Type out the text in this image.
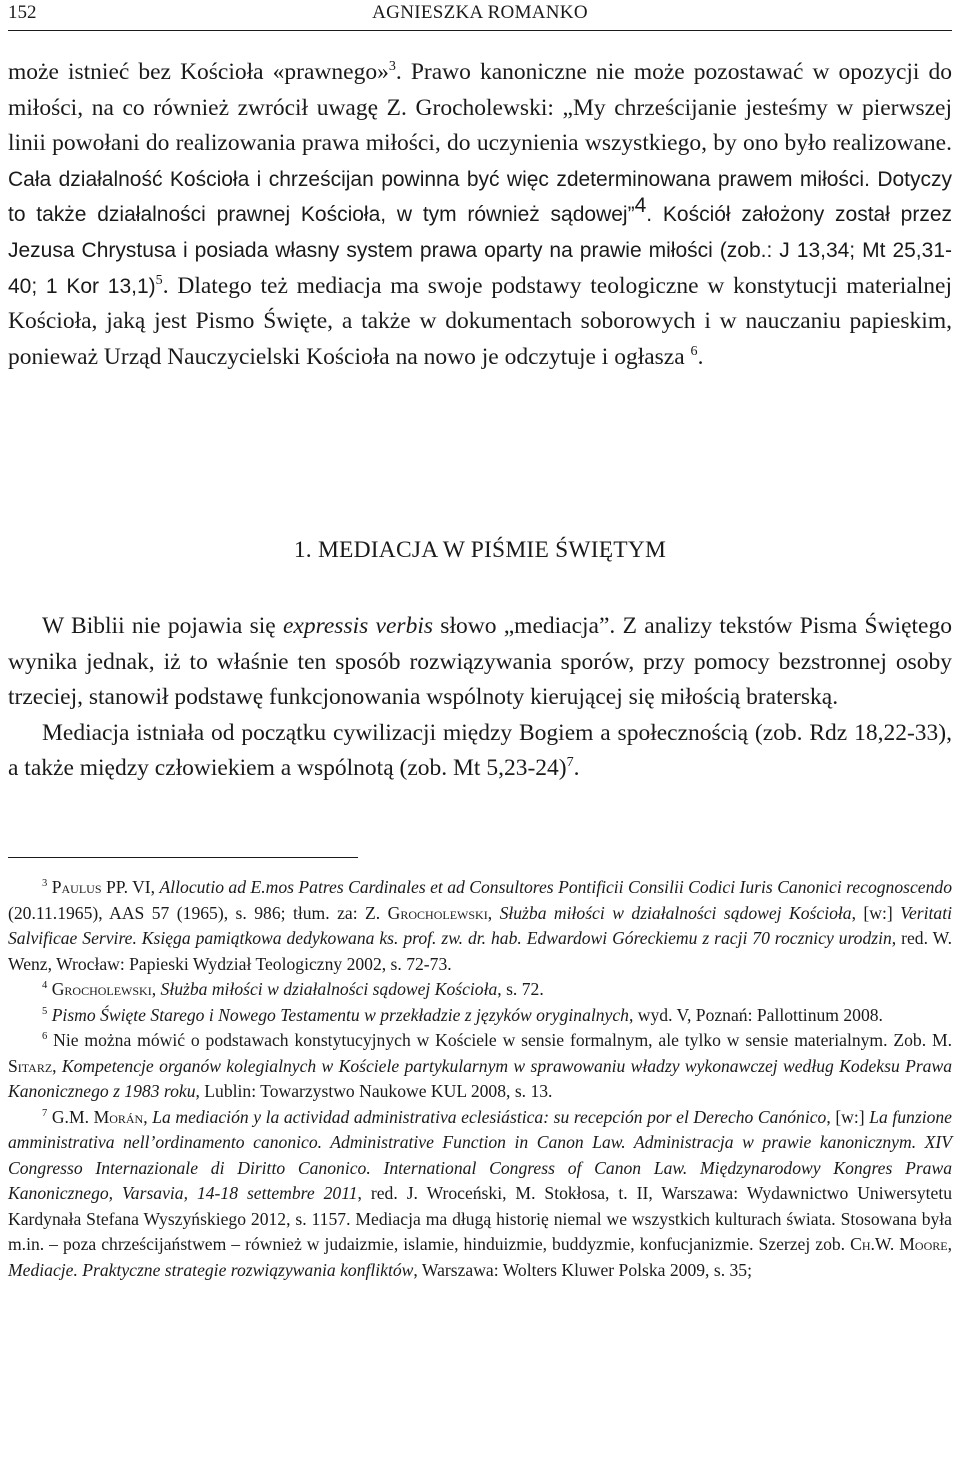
152	AGNIESZKA ROMANKO

może istnieć bez Kościoła «prawnego»$^3$. Prawo kanoniczne nie może pozostawać w opozycji do miłości, na co również zwrócił uwagę Z. Grocholewski: „My chrześcijanie jesteśmy w pierwszej linii powołani do realizowania prawa miłości, do uczynienia wszystkiego, by ono było realizowane. Cała działalność Kościoła i chrześcijan powinna być więc zdeterminowana prawem miłości. Dotyczy to także działalności prawnej Kościoła, w tym również sądowej”$^4$. Kościół założony został przez Jezusa Chrystusa i posiada własny system prawa oparty na prawie miłości (zob.: J 13,34; Mt 25,31-40; 1 Kor 13,1)$^5$. Dlatego też mediacja ma swoje podstawy teologiczne w konstytucji materialnej Kościoła, jaką jest Pismo Święte, a także w dokumentach soborowych i w nauczaniu papieskim, ponieważ Urząd Nauczycielski Kościoła na nowo je odczytuje i ogłasza $^6$.

1. MEDIACJA W PIŚMIE ŚWIĘTYM

W Biblii nie pojawia się expressis verbis słowo „mediacja”. Z analizy tekstów Pisma Świętego wynika jednak, iż to właśnie ten sposób rozwiązywania sporów, przy pomocy bezstronnej osoby trzeciej, stanowił podstawę funkcjonowania wspólnoty kierującej się miłością braterską.

Mediacja istniała od początku cywilizacji między Bogiem a społecznością (zob. Rdz 18,22-33), a także między człowiekiem a wspólnotą (zob. Mt 5,23-24)$^7$.

$^3$ Paulus PP. VI, Allocutio ad E.mos Patres Cardinales et ad Consultores Pontificii Consilii Codici Iuris Canonici recognoscendo (20.11.1965), AAS 57 (1965), s. 986; tłum. za: Z. Grocholewski, Służba miłości w działalności sądowej Kościoła, [w:] Veritati Salvificae Servire. Księga pamiątkowa dedykowana ks. prof. zw. dr. hab. Edwardowi Góreckiemu z racji 70 rocznicy urodzin, red. W. Wenz, Wrocław: Papieski Wydział Teologiczny 2002, s. 72-73.

$^4$ Grocholewski, Służba miłości w działalności sądowej Kościoła, s. 72.

$^5$ Pismo Święte Starego i Nowego Testamentu w przekładzie z języków oryginalnych, wyd. V, Poznań: Pallottinum 2008.

$^6$ Nie można mówić o podstawach konstytucyjnych w Kościele w sensie formalnym, ale tylko w sensie materialnym. Zob. M. Sitarz, Kompetencje organów kolegialnych w Kościele partykularnym w sprawowaniu władzy wykonawczej według Kodeksu Prawa Kanonicznego z 1983 roku, Lublin: Towarzystwo Naukowe KUL 2008, s. 13.

$^7$ G.M. Morán, La mediación y la actividad administrativa eclesiástica: su recepción por el Derecho Canónico, [w:] La funzione amministrativa nell’ordinamento canonico. Administrative Function in Canon Law. Administracja w prawie kanonicznym. XIV Congresso Internazionale di Diritto Canonico. International Congress of Canon Law. Międzynarodowy Kongres Prawa Kanonicznego, Varsavia, 14-18 settembre 2011, red. J. Wroceński, M. Stokłosa, t. II, Warszawa: Wydawnictwo Uniwersytetu Kardynała Stefana Wyszyńskiego 2012, s. 1157. Mediacja ma długą historię niemal we wszystkich kulturach świata. Stosowana była m.in. – poza chrześcijaństwem – również w judaizmie, islamie, hinduizmie, buddyzmie, konfucjanizmie. Szerzej zob. Ch.W. Moore, Mediacje. Praktyczne strategie rozwiązywania konfliktów, Warszawa: Wolters Kluwer Polska 2009, s. 35;
